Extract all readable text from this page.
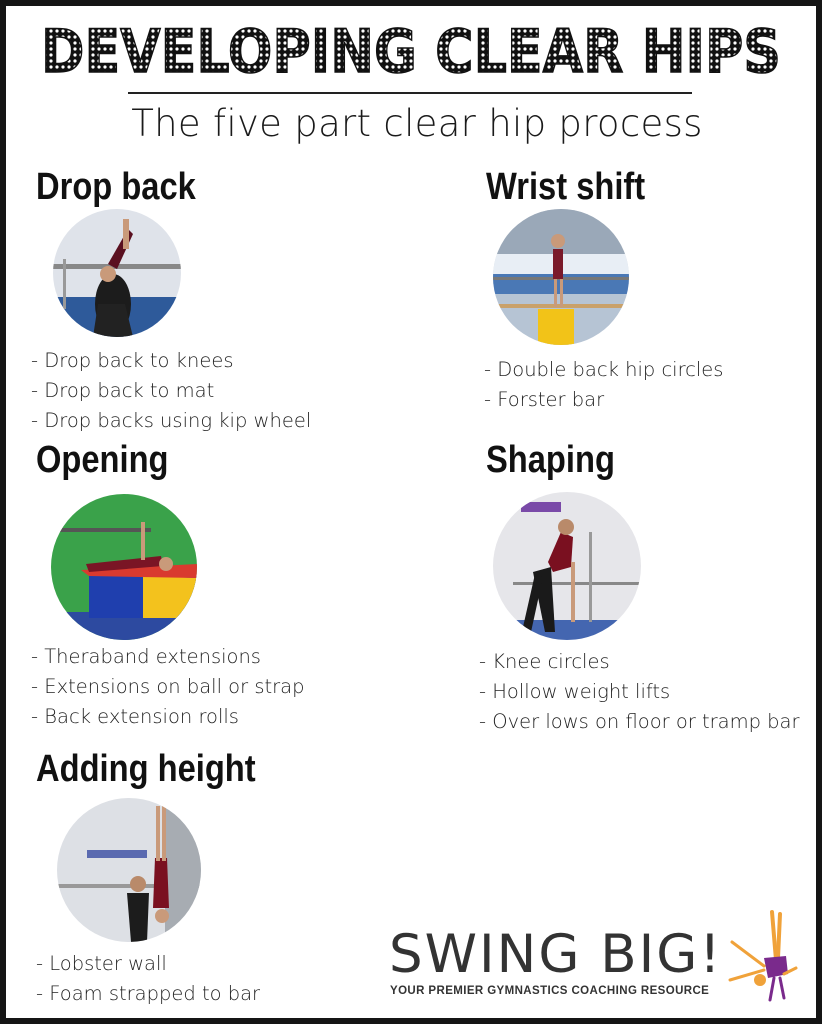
DEVELOPING CLEAR HIPS
The five part clear hip process
Drop back
- Drop back to knees
- Drop back to mat
- Drop backs using kip wheel
Wrist shift
- Double back hip circles
- Forster bar
Opening
- Theraband extensions
- Extensions on ball or strap
- Back extension rolls
Shaping
- Knee circles
- Hollow weight lifts
- Over lows on floor or tramp bar
Adding height
- Lobster wall
- Foam strapped to bar
SWING BIG!
YOUR PREMIER GYMNASTICS COACHING RESOURCE
